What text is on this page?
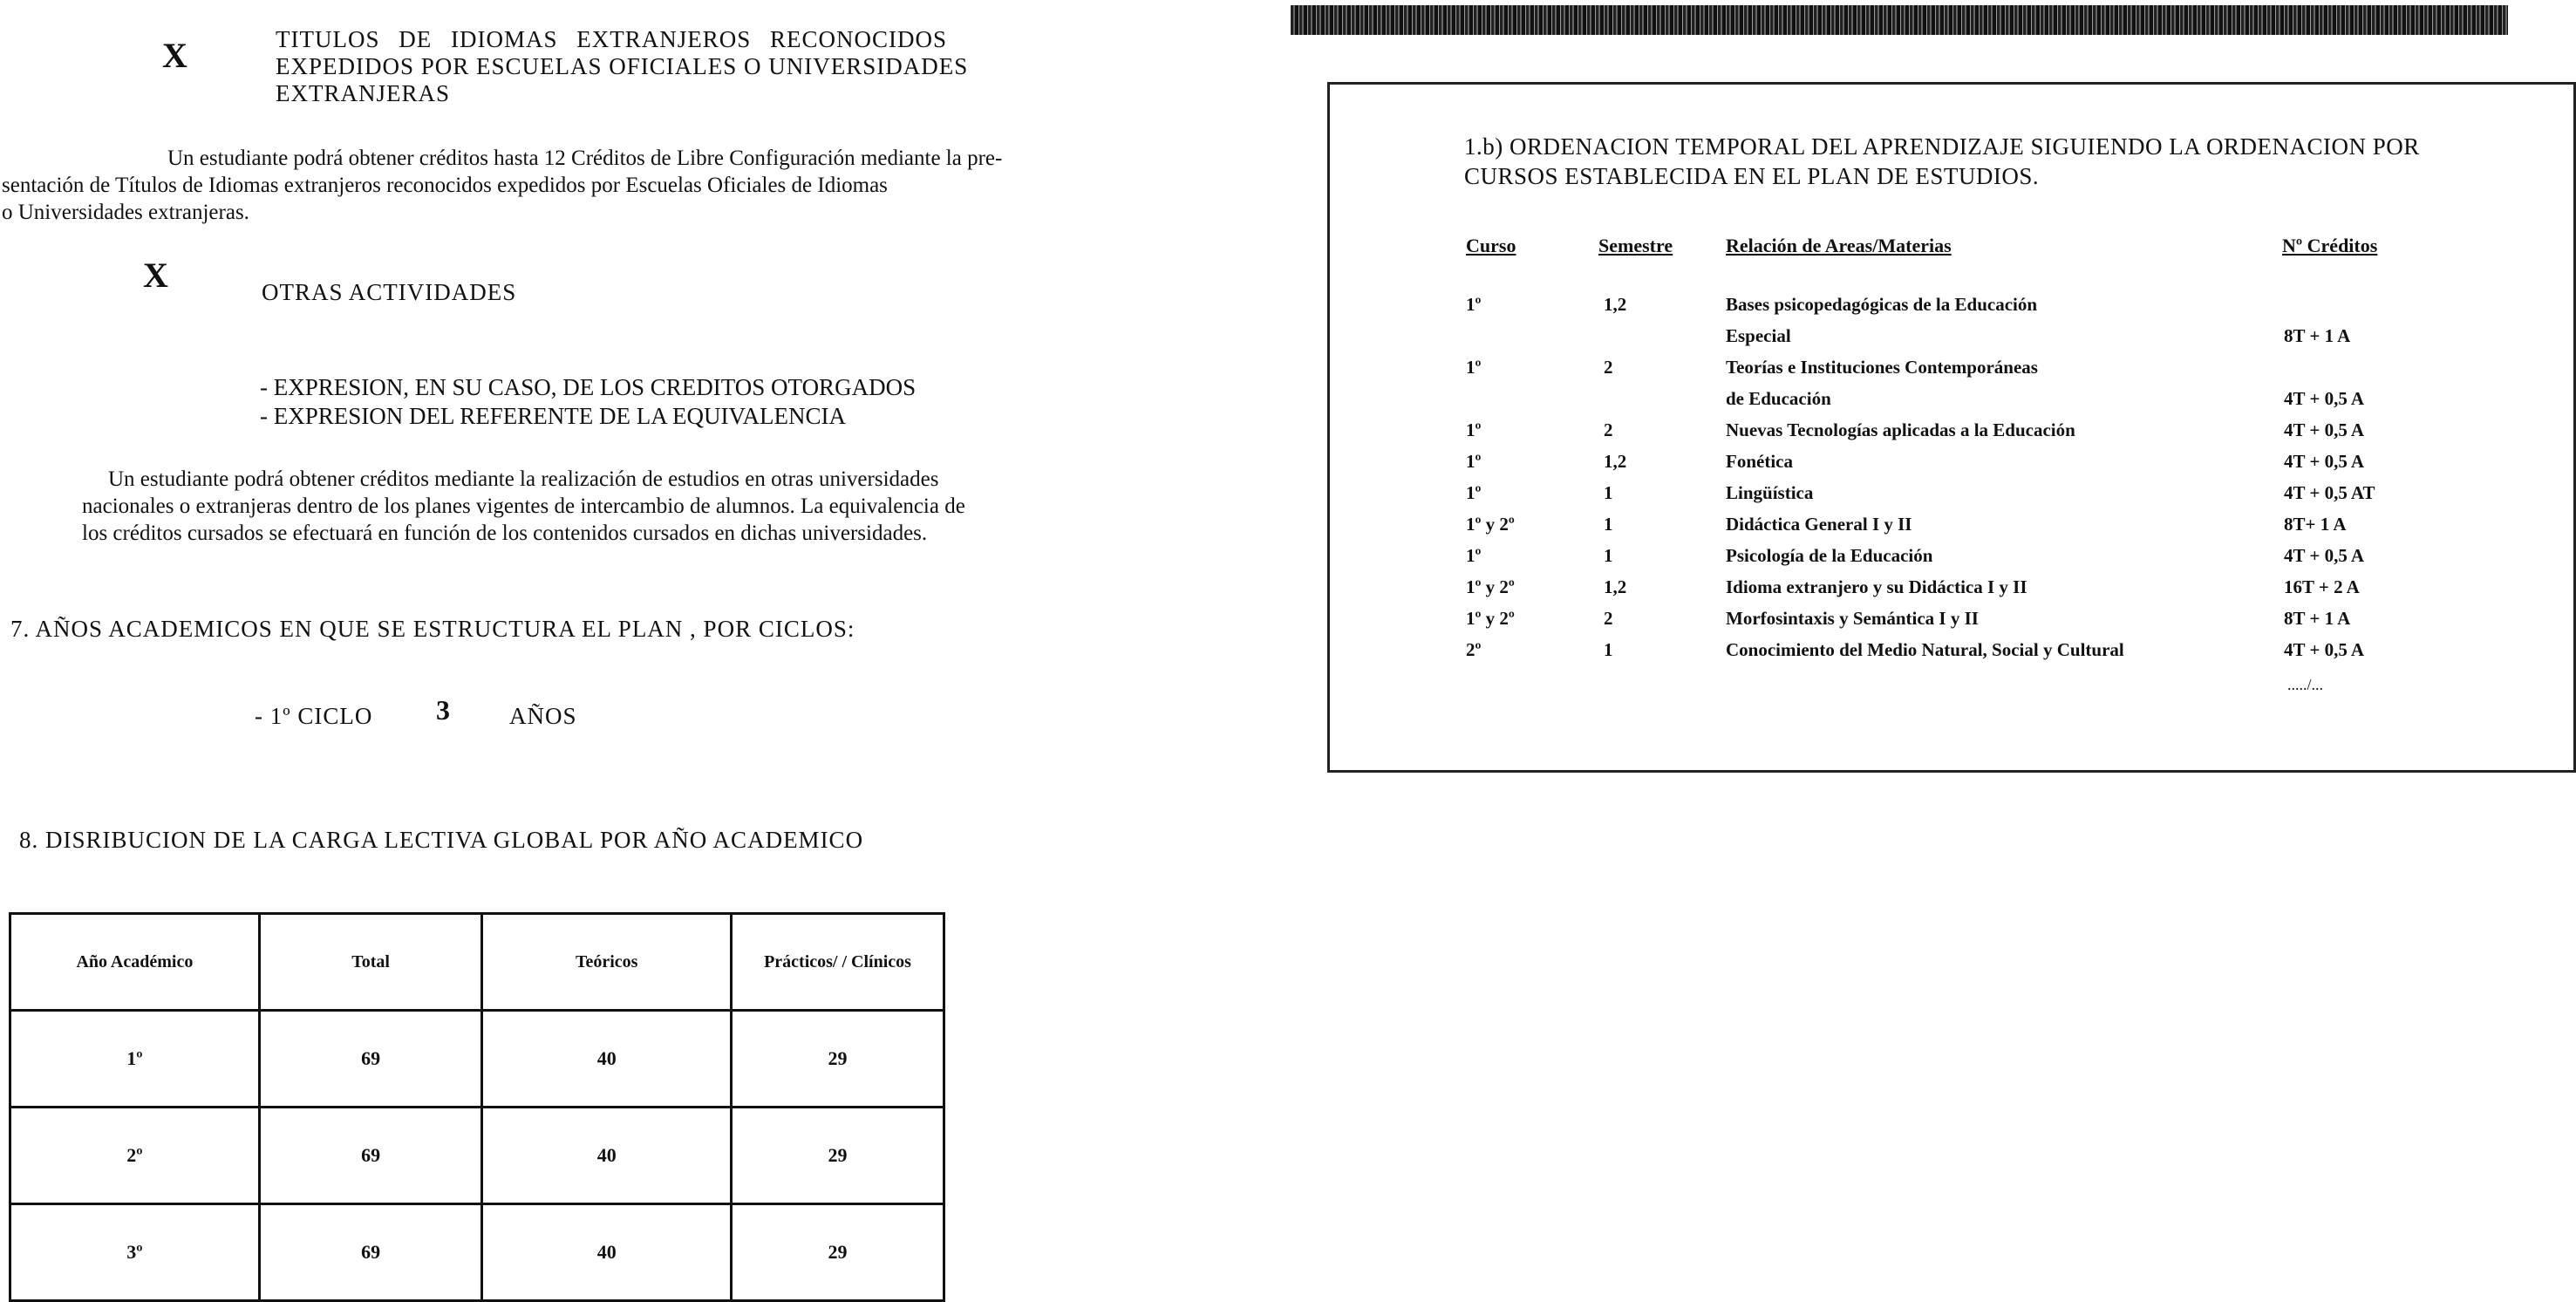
X	TITULOS DE IDIOMAS EXTRANJEROS RECONOCIDOS
EXPEDIDOS POR ESCUELAS OFICIALES O UNIVERSIDADES
EXTRANJERAS
Un estudiante podrá obtener créditos hasta 12 Créditos de Libre Configuración mediante la pre-
sentación de Títulos de Idiomas extranjeros reconocidos expedidos por Escuelas Oficiales de Idiomas
o Universidades extranjeras.
X	OTRAS ACTIVIDADES
- EXPRESION, EN SU CASO, DE LOS CREDITOS OTORGADOS
- EXPRESION DEL REFERENTE DE LA EQUIVALENCIA
Un estudiante podrá obtener créditos mediante la realización de estudios en otras universidades
nacionales o extranjeras dentro de los planes vigentes de intercambio de alumnos. La equivalencia de
los créditos cursados se efectuará en función de los contenidos cursados en dichas universidades.
7. AÑOS ACADEMICOS EN QUE SE ESTRUCTURA EL PLAN , POR CICLOS:
- 1º CICLO 3	AÑOS
8. DISRIBUCION DE LA CARGA LECTIVA GLOBAL POR AÑO ACADEMICO
Año Académico	Total	Teóricos	Prácticos/ / Clínicos
1º	69	40	29
2º	69	40	29
3º	69	40	29
1.b) ORDENACION TEMPORAL DEL APRENDIZAJE SIGUIENDO LA ORDENACION POR
CURSOS ESTABLECIDA EN EL PLAN DE ESTUDIOS.
Curso	Semestre	Relación de Areas/Materias	Nº Créditos
1º	1,2	Bases psicopedagógicas de la Educación
Especial	8T + 1 A
1º	2	Teorías e Instituciones Contemporáneas
de Educación	4T + 0,5 A
1º	2	Nuevas Tecnologías aplicadas a la Educación	4T + 0,5 A
1º	1,2	Fonética	4T + 0,5 A
1º	1	Lingüística	4T + 0,5 AT
1º y 2º	1	Didáctica General I y II	8T+ 1 A
1º	1	Psicología de la Educación	4T + 0,5 A
1º y 2º	1,2	Idioma extranjero y su Didáctica I y II	16T + 2 A
1º y 2º	2	Morfosintaxis y Semántica I y II	8T + 1 A
2º	1	Conocimiento del Medio Natural, Social y Cultural	4T + 0,5 A
...../...
